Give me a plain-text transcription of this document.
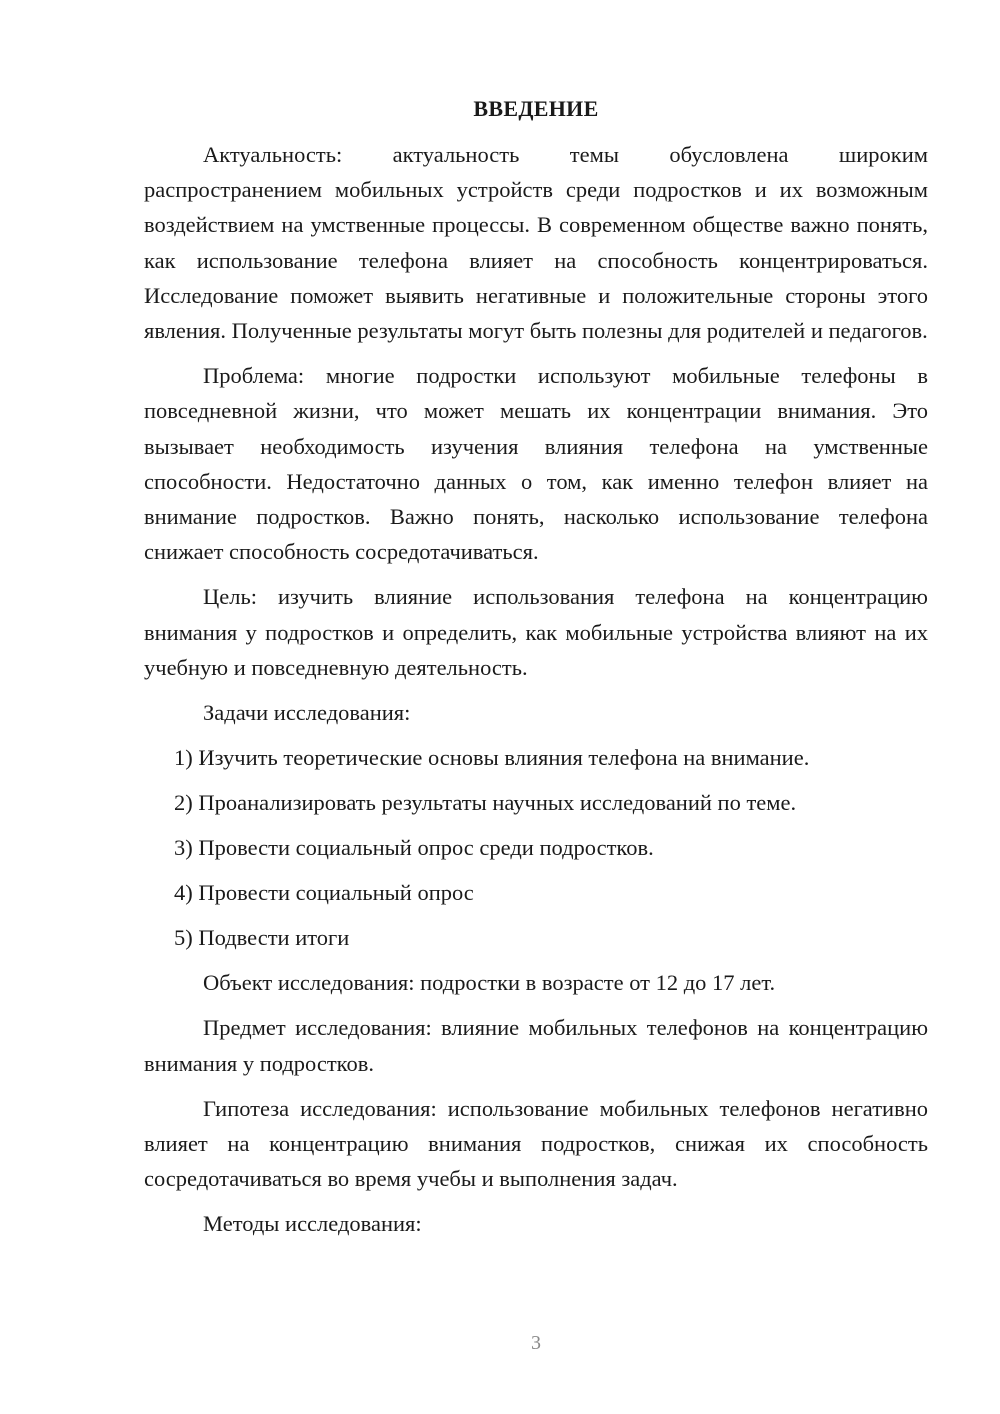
ВВЕДЕНИЕ

Актуальность: актуальность темы обусловлена широким распространением мобильных устройств среди подростков и их возможным воздействием на умственные процессы. В современном обществе важно понять, как использование телефона влияет на способность концентрироваться. Исследование поможет выявить негативные и положительные стороны этого явления. Полученные результаты могут быть полезны для родителей и педагогов.

Проблема: многие подростки используют мобильные телефоны в повседневной жизни, что может мешать их концентрации внимания. Это вызывает необходимость изучения влияния телефона на умственные способности. Недостаточно данных о том, как именно телефон влияет на внимание подростков. Важно понять, насколько использование телефона снижает способность сосредотачиваться.

Цель: изучить влияние использования телефона на концентрацию внимания у подростков и определить, как мобильные устройства влияют на их учебную и повседневную деятельность.

Задачи исследования:

1) Изучить теоретические основы влияния телефона на внимание.

2) Проанализировать результаты научных исследований по теме.

3) Провести социальный опрос среди подростков.

4) Провести социальный опрос

5) Подвести итоги

Объект исследования: подростки в возрасте от 12 до 17 лет.

Предмет исследования: влияние мобильных телефонов на концентрацию внимания у подростков.

Гипотеза исследования: использование мобильных телефонов негативно влияет на концентрацию внимания подростков, снижая их способность сосредотачиваться во время учебы и выполнения задач.

Методы исследования:

3
